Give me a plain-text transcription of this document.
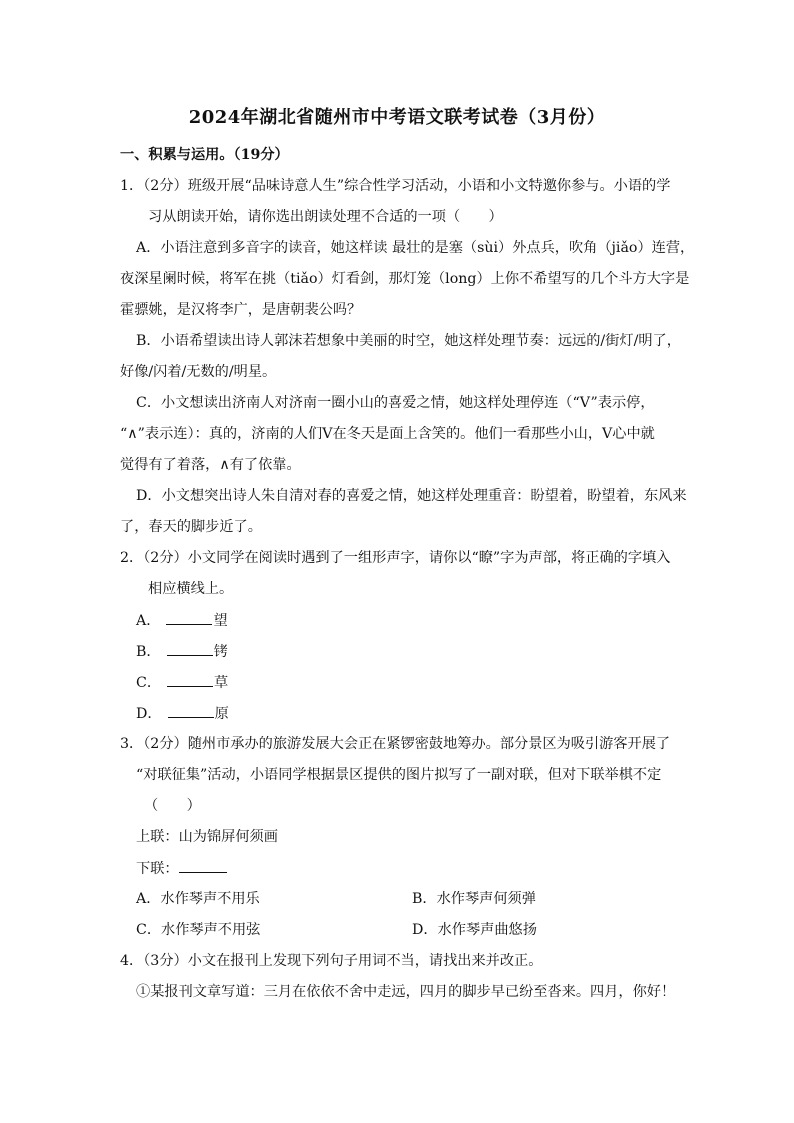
2024年湖北省随州市中考语文联考试卷（3月份）
一、积累与运用。（19分）
1．（2分）班级开展“品味诗意人生”综合性学习活动，小语和小文特邀你参与。小语的学
习从朗读开始，请你选出朗读处理不合适的一项（　　）
A．小语注意到多音字的读音，她这样读 最壮的是塞（sùi）外点兵，吹角（jiǎo）连营，
夜深星阑时候，将军在挑（tiǎo）灯看剑，那灯笼（long）上你不希望写的几个斗方大字是
霍骠姚，是汉将李广，是唐朝裴公吗？
B．小语希望读出诗人郭沫若想象中美丽的时空，她这样处理节奏：远远的/街灯/明了，
好像/闪着/无数的/明星。
C．小文想读出济南人对济南一圈小山的喜爱之情，她这样处理停连（“V”表示停，
“∧”表示连）：真的，济南的人们V在冬天是面上含笑的。他们一看那些小山，V心中就
觉得有了着落，∧有了依靠。
D．小文想突出诗人朱自清对春的喜爱之情，她这样处理重音：盼望着，盼望着，东风来
了，春天的脚步近了。
2．（2分）小文同学在阅读时遇到了一组形声字，请你以“瞭”字为声部，将正确的字填入
相应横线上。
A．	望
B．	铐
C．	草
D．	原
3．（2分）随州市承办的旅游发展大会正在紧锣密鼓地筹办。部分景区为吸引游客开展了
“对联征集”活动，小语同学根据景区提供的图片拟写了一副对联，但对下联举棋不定
（　　）
上联：山为锦屏何须画
下联：
A．水作琴声不用乐	B．水作琴声何须弹
C．水作琴声不用弦	D．水作琴声曲悠扬
4．（3分）小文在报刊上发现下列句子用词不当，请找出来并改正。
①某报刊文章写道：三月在依依不舍中走远，四月的脚步早已纷至沓来。四月，你好！
